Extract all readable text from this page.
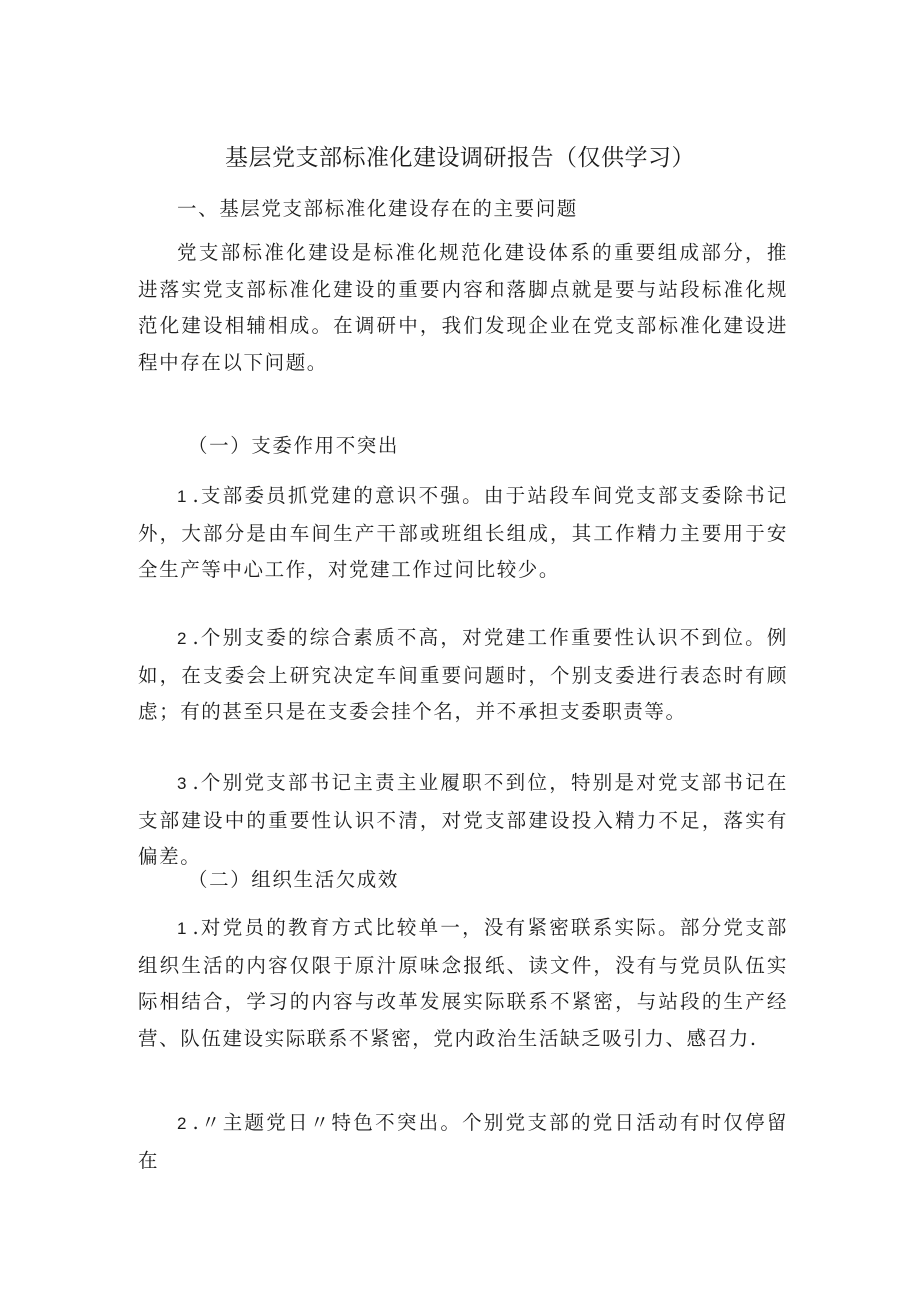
基层党支部标准化建设调研报告（仅供学习）

一、基层党支部标准化建设存在的主要问题

党支部标准化建设是标准化规范化建设体系的重要组成部分，推进落实党支部标准化建设的重要内容和落脚点就是要与站段标准化规范化建设相辅相成。在调研中，我们发现企业在党支部标准化建设进程中存在以下问题。

（一）支委作用不突出

1 .支部委员抓党建的意识不强。由于站段车间党支部支委除书记外，大部分是由车间生产干部或班组长组成，其工作精力主要用于安全生产等中心工作，对党建工作过问比较少。

2 .个别支委的综合素质不高，对党建工作重要性认识不到位。例如，在支委会上研究决定车间重要问题时，个别支委进行表态时有顾虑；有的甚至只是在支委会挂个名，并不承担支委职责等。

3 .个别党支部书记主责主业履职不到位，特别是对党支部书记在支部建设中的重要性认识不清，对党支部建设投入精力不足，落实有偏差。

（二）组织生活欠成效

1 .对党员的教育方式比较单一，没有紧密联系实际。部分党支部组织生活的内容仅限于原汁原味念报纸、读文件，没有与党员队伍实际相结合，学习的内容与改革发展实际联系不紧密，与站段的生产经营、队伍建设实际联系不紧密，党内政治生活缺乏吸引力、感召力.

2 .〃主题党日〃特色不突出。个别党支部的党日活动有时仅停留在
